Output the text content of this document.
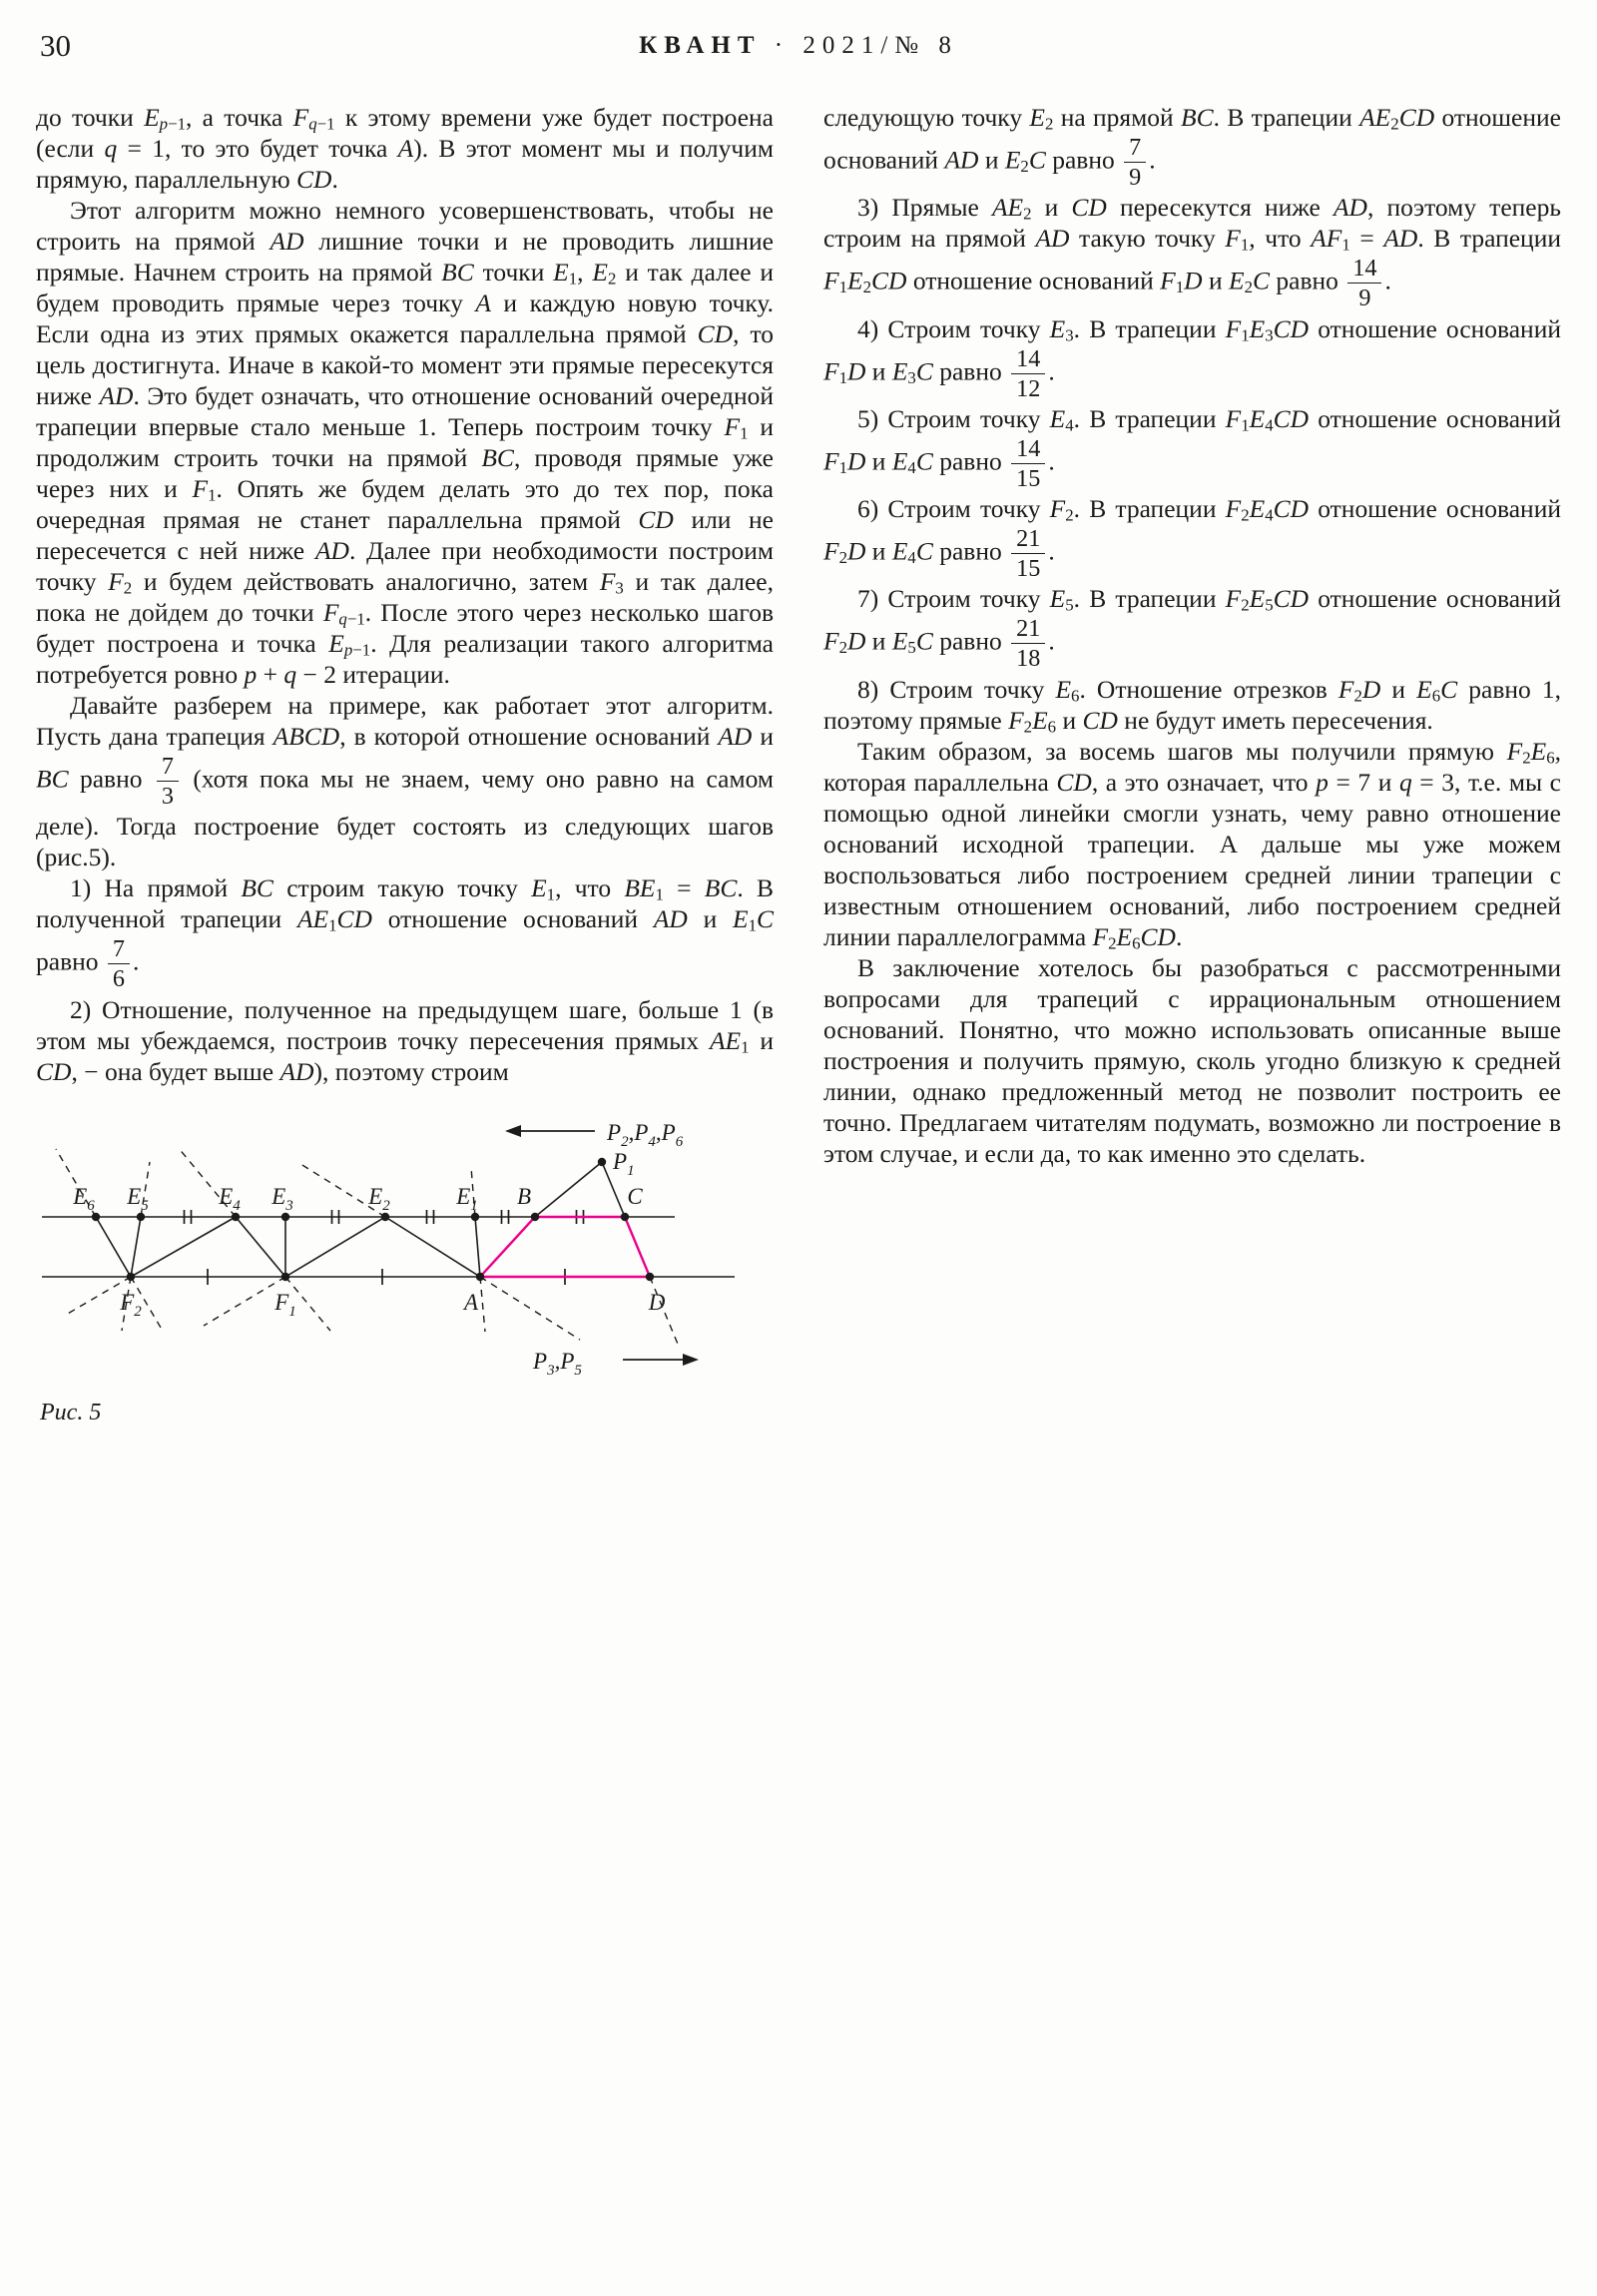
30	КВАНТ · 2021/№ 8

до точки $E_{p-1}$, а точка $F_{q-1}$ к этому времени уже будет построена (если q = 1, то это будет точка A). В этот момент мы и получим прямую, параллельную CD.

Этот алгоритм можно немного усовершенствовать, чтобы не строить на прямой AD лишние точки и не проводить лишние прямые. Начнем строить на прямой BC точки $E_1$, $E_2$ и так далее и будем проводить прямые через точку A и каждую новую точку. Если одна из этих прямых окажется параллельна прямой CD, то цель достигнута. Иначе в какой-то момент эти прямые пересекутся ниже AD. Это будет означать, что отношение оснований очередной трапеции впервые стало меньше 1. Теперь построим точку $F_1$ и продолжим строить точки на прямой BC, проводя прямые уже через них и $F_1$. Опять же будем делать это до тех пор, пока очередная прямая не станет параллельна прямой CD или не пересечется с ней ниже AD. Далее при необходимости построим точку $F_2$ и будем действовать аналогично, затем $F_3$ и так далее, пока не дойдем до точки $F_{q-1}$. После этого через несколько шагов будет построена и точка $E_{p-1}$. Для реализации такого алгоритма потребуется ровно p + q − 2 итерации.

Давайте разберем на примере, как работает этот алгоритм. Пусть дана трапеция ABCD, в которой отношение оснований AD и BC равно $\frac{7}{3}$ (хотя пока мы не знаем, чему оно равно на самом деле). Тогда построение будет состоять из следующих шагов (рис.5).

1) На прямой BC строим такую точку $E_1$, что $BE_1$ = BC. В полученной трапеции $AE_1CD$ отношение оснований AD и $E_1C$ равно $\frac{7}{6}$ .

2) Отношение, полученное на предыдущем шаге, больше 1 (в этом мы убеждаемся, построив точку пересечения прямых $AE_1$ и CD, − она будет выше AD), поэтому строим

$E_6$ $E_5$	$E_4$ $E_3$	$E_2$	$E_1$ B	C
$F_2$	$F_1$	A	D
$P_1$
$P_2,P_4,P_6$
$P_3,P_5$
Рис. 5

следующую точку $E_2$ на прямой BC. В трапеции $AE_2CD$ отношение оснований AD и $E_2C$ равно $\frac{7}{9}$ .

3) Прямые $AE_2$ и CD пересекутся ниже AD, поэтому теперь строим на прямой AD такую точку $F_1$, что $AF_1$ = AD. В трапеции $F_1E_2CD$ отношение оснований $F_1D$ и $E_2C$ равно $\frac{14}{9}$ .

4) Строим точку $E_3$. В трапеции $F_1E_3CD$ отношение оснований $F_1D$ и $E_3C$ равно $\frac{14}{12}$ .

5) Строим точку $E_4$. В трапеции $F_1E_4CD$ отношение оснований $F_1D$ и $E_4C$ равно $\frac{14}{15}$ .

6) Строим точку $F_2$. В трапеции $F_2E_4CD$ отношение оснований $F_2D$ и $E_4C$ равно $\frac{21}{15}$ .

7) Строим точку $E_5$. В трапеции $F_2E_5CD$ отношение оснований $F_2D$ и $E_5C$ равно $\frac{21}{18}$ .

8) Строим точку $E_6$. Отношение отрезков $F_2D$ и $E_6C$ равно 1, поэтому прямые $F_2E_6$ и CD не будут иметь пересечения.

Таким образом, за восемь шагов мы получили прямую $F_2E_6$, которая параллельна CD, а это означает, что p = 7 и q = 3, т.е. мы с помощью одной линейки смогли узнать, чему равно отношение оснований исходной трапеции. А дальше мы уже можем воспользоваться либо построением средней линии трапеции с известным отношением оснований, либо построением средней линии параллелограмма $F_2E_6CD$.

В заключение хотелось бы разобраться с рассмотренными вопросами для трапеций с иррациональным отношением оснований. Понятно, что можно использовать описанные выше построения и получить прямую, сколь угодно близкую к средней линии, однако предложенный метод не позволит построить ее точно. Предлагаем читателям подумать, возможно ли построение в этом случае, и если да, то как именно это сделать.
